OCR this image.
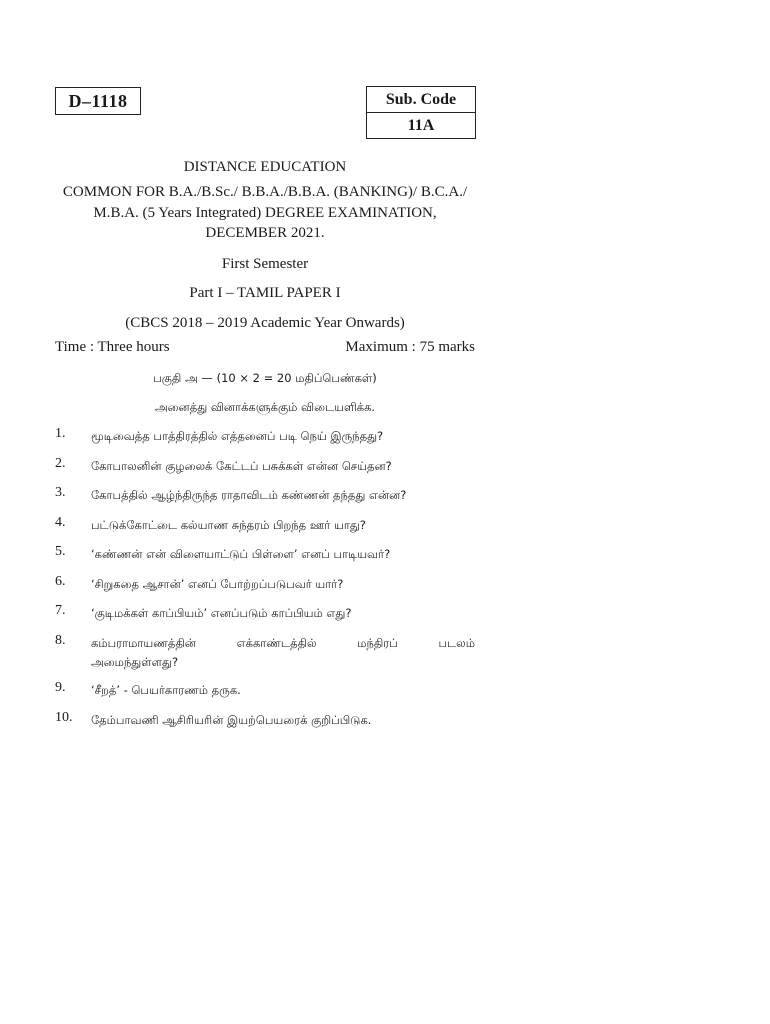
D–1118	Sub. Code
11A
DISTANCE EDUCATION
COMMON FOR B.A./B.Sc./ B.B.A./B.B.A. (BANKING)/ B.C.A./
M.B.A. (5 Years Integrated) DEGREE EXAMINATION,
DECEMBER 2021.
First Semester
Part I – TAMIL PAPER I
(CBCS 2018 – 2019 Academic Year Onwards)
Time : Three hours	Maximum : 75 marks
பகுதி அ — (10 × 2 = 20 மதிப்பெண்கள்)
அனைத்து வினாக்களுக்கும் விடையளிக்க.
1. மூடிவைத்த பாத்திரத்தில் எத்தனைப் படி நெய் இருந்தது?
2. கோபாலனின் குழலைக் கேட்டப் பசுக்கள் என்ன செய்தன?
3. கோபத்தில் ஆழ்ந்திருந்த ராதாவிடம் கண்ணன் தந்தது என்ன?
4. பட்டுக்கோட்டை கல்யாண சுந்தரம் பிறந்த ஊர் யாது?
5. ‘கண்ணன் என் விளையாட்டுப் பிள்ளை’ எனப் பாடியவர்?
6. ‘சிறுகதை ஆசான்’ எனப் போற்றப்படுபவர் யார்?
7. ‘குடிமக்கள் காப்பியம்’ எனப்படும் காப்பியம் எது?
8. கம்பராமாயணத்தின்	எக்காண்டத்தில்	மந்திரப்	படலம்
அமைந்துள்ளது?
9. ‘சீறத்’ - பெயர்காரணம் தருக.
10. தேம்பாவணி ஆசிரியரின் இயற்பெயரைக் குறிப்பிடுக.
